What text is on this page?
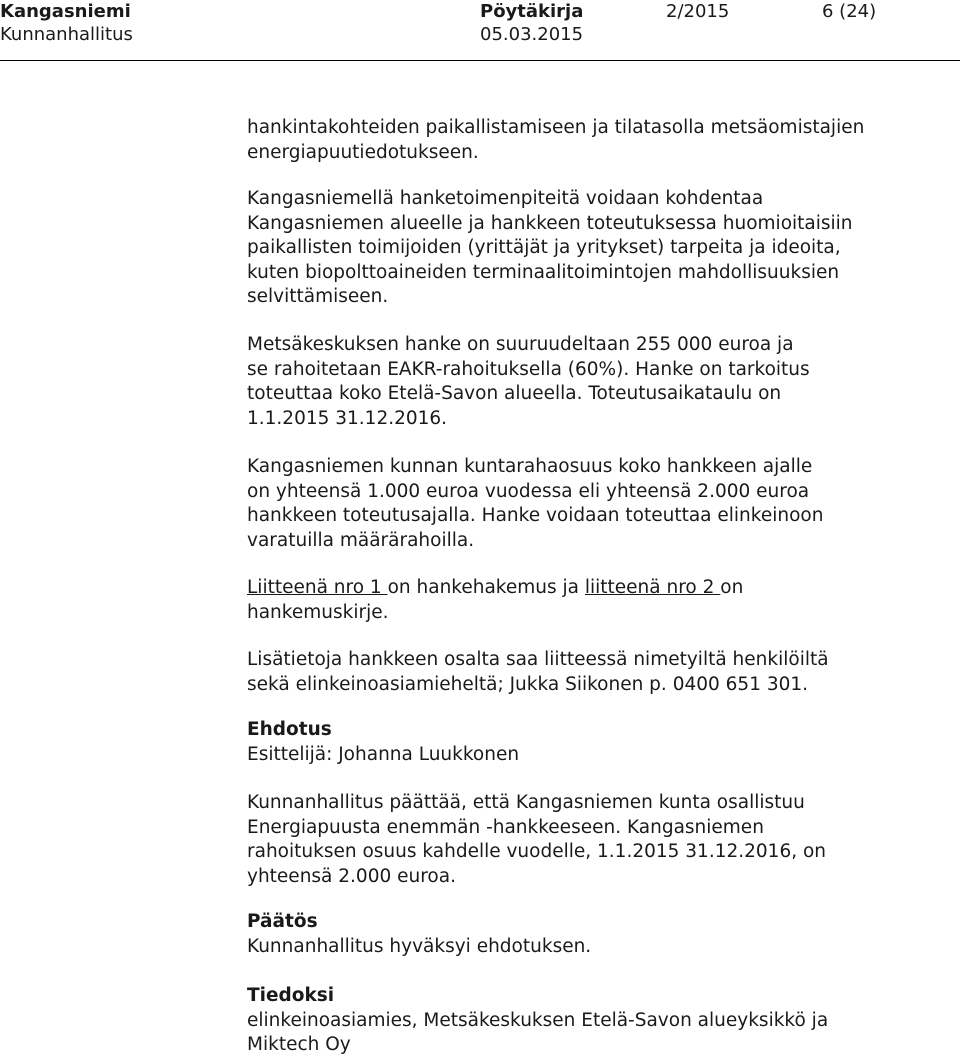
Kangasniemi
Kunnanhallitus
Pöytäkirja
05.03.2015
2/2015	6 (24)

hankintakohteiden paikallistamiseen ja tilatasolla metsäomistajien
energiapuutiedotukseen.

Kangasniemellä hanketoimenpiteitä voidaan kohdentaa
Kangasniemen alueelle ja hankkeen toteutuksessa huomioitaisiin
paikallisten toimijoiden (yrittäjät ja yritykset) tarpeita ja ideoita,
kuten biopolttoaineiden terminaalitoimintojen mahdollisuuksien
selvittämiseen.

Metsäkeskuksen hanke on suuruudeltaan 255 000 euroa ja
se rahoitetaan EAKR-rahoituksella (60%). Hanke on tarkoitus
toteuttaa koko Etelä-Savon alueella. Toteutusaikataulu on
1.1.2015 31.12.2016.

Kangasniemen kunnan kuntarahaosuus koko hankkeen ajalle
on yhteensä 1.000 euroa vuodessa eli yhteensä 2.000 euroa
hankkeen toteutusajalla. Hanke voidaan toteuttaa elinkeinoon
varatuilla määrärahoilla.

Liitteenä nro 1 on hankehakemus ja liitteenä nro 2 on
hankemuskirje.

Lisätietoja hankkeen osalta saa liitteessä nimetyiltä henkilöiltä
sekä elinkeinoasiamieheltä; Jukka Siikonen p. 0400 651 301.

Ehdotus
Esittelijä: Johanna Luukkonen

Kunnanhallitus päättää, että Kangasniemen kunta osallistuu
Energiapuusta enemmän -hankkeeseen. Kangasniemen
rahoituksen osuus kahdelle vuodelle, 1.1.2015 31.12.2016, on
yhteensä 2.000 euroa.

Päätös
Kunnanhallitus hyväksyi ehdotuksen.

Tiedoksi
elinkeinoasiamies, Metsäkeskuksen Etelä-Savon alueyksikkö ja
Miktech Oy
